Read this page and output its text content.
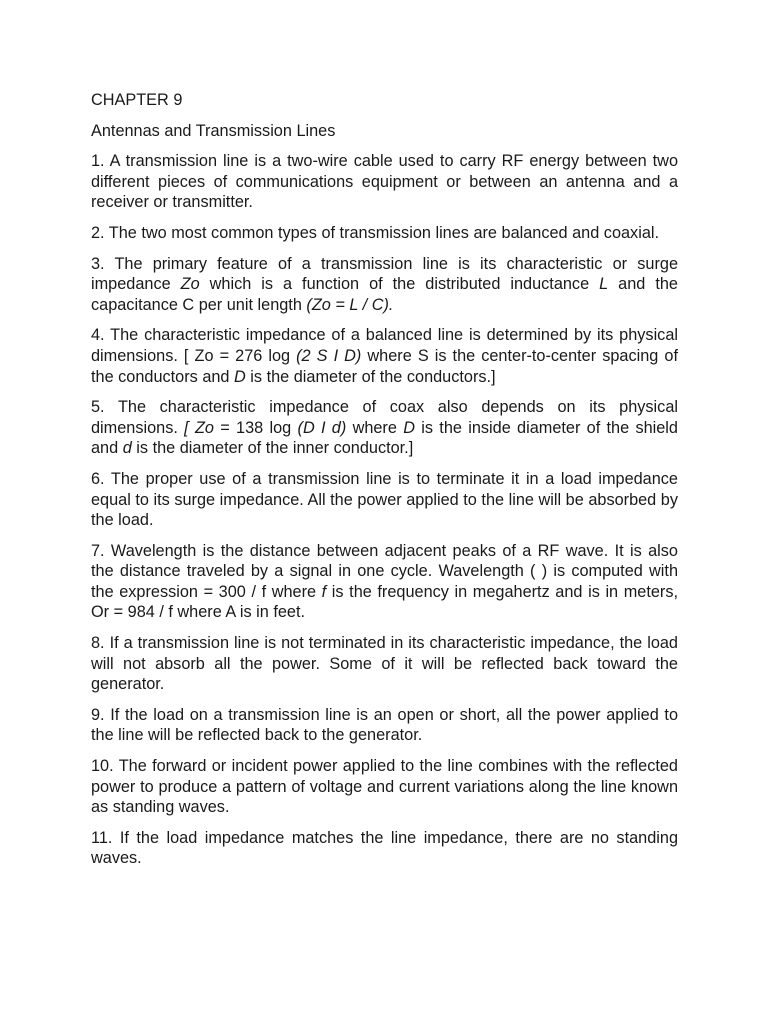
CHAPTER 9
Antennas and Transmission Lines
1. A transmission line is a two-wire cable used to carry RF energy between two different pieces of communications equipment or between an antenna and a receiver or transmitter.
2. The two most common types of transmission lines are balanced and coaxial.
3. The primary feature of a transmission line is its characteristic or surge impedance Zo which is a function of the distributed inductance L and the capacitance C per unit length (Zo = L / C).
4. The characteristic impedance of a balanced line is determined by its physical dimensions. [ Zo = 276 log (2 S I D) where S is the center-to-center spacing of the conductors and D is the diameter of the conductors.]
5. The characteristic impedance of coax also depends on its physical dimensions. [ Zo = 138 log (D I d) where D is the inside diameter of the shield and d is the diameter of the inner conductor.]
6. The proper use of a transmission line is to terminate it in a load impedance equal to its surge impedance. All the power applied to the line will be absorbed by the load.
7. Wavelength is the distance between adjacent peaks of a RF wave. It is also the distance traveled by a signal in one cycle. Wavelength ( ) is computed with the expression = 300 / f where f is the frequency in megahertz and is in meters, Or = 984 / f where A is in feet.
8. If a transmission line is not terminated in its characteristic impedance, the load will not absorb all the power. Some of it will be reflected back toward the generator.
9. If the load on a transmission line is an open or short, all the power applied to the line will be reflected back to the generator.
10. The forward or incident power applied to the line combines with the reflected power to produce a pattern of voltage and current variations along the line known as standing waves.
11. If the load impedance matches the line impedance, there are no standing waves.
